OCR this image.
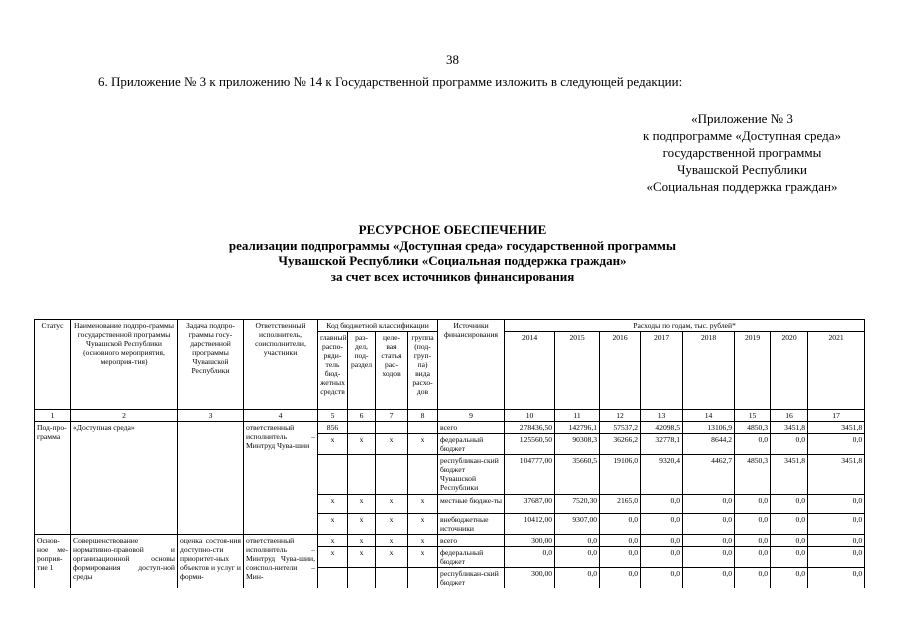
38
6. Приложение № 3 к приложению № 14 к Государственной программе изложить в следующей редакции:
«Приложение № 3
к подпрограмме «Доступная среда»
государственной программы
Чувашской Республики
«Социальная поддержка граждан»
РЕСУРСНОЕ ОБЕСПЕЧЕНИЕ
реализации подпрограммы «Доступная среда» государственной программы
Чувашской Республики «Социальная поддержка граждан»
за счет всех источников финансирования
Статус	Наименование подпро-граммы государственной программы Чувашской Республики (основного мероприятия, мероприя-тия)	Задача подпро-граммы госу-дарственной программы Чувашской Республики	Ответственный исполнитель, соисполнители, участники	Код бюджетной классификации				Источники финансирования	Расходы по годам, тыс. рублей*							
				главный распо-ряди-тель бюд-жетных средств	раз-дел, под-раздел	целе-вая статья рас-ходов	группа (под-груп-па) вида расхо-дов		2014	2015	2016	2017	2018	2019	2020	2021
1	2	3	4	5	6	7	8	9	10	11	12	13	14	15	16	17
Под-про-грамма	«Доступная среда»		ответственный исполнитель – Минтруд Чува-шии	856				всего	278436,50	142796,1	57537,2	42098,5	13106,9	4850,3	3451,8	3451,8
				x	x	x	x	федеральный бюджет	125560,50	90308,3	36266,2	32778,1	8644,2	0,0	0,0	0,0
								республикан-ский бюджет Чувашской Республики	104777,00	35660,5	19106,0	9320,4	4462,7	4850,3	3451,8	3451,8
				x	x	x	x	местные бюдже-ты	37687,00	7520,30	2165,0	0,0	0,0	0,0	0,0	0,0
				x	x	x	x	внебюджетные источники	10412,00	9307,00	0,0	0,0	0,0	0,0	0,0	0,0
Основ-ное ме-роприя-тие 1	Совершенствование нормативно-правовой и организационной основы формирования доступ-ной среды	оценка состоя-ния доступно-сти приоритет-ных объектов и услуг и форми-	ответственный исполнитель – Минтруд Чува-шии, соиспол-нители – Мин-	x	x	x	x	всего	300,00	0,0	0,0	0,0	0,0	0,0	0,0	0,0
				x	x	x	x	федеральный бюджет	0,0	0,0	0,0	0,0	0,0	0,0	0,0	0,0
								республикан-ский бюджет	300,00	0,0	0,0	0,0	0,0	0,0	0,0	0,0
